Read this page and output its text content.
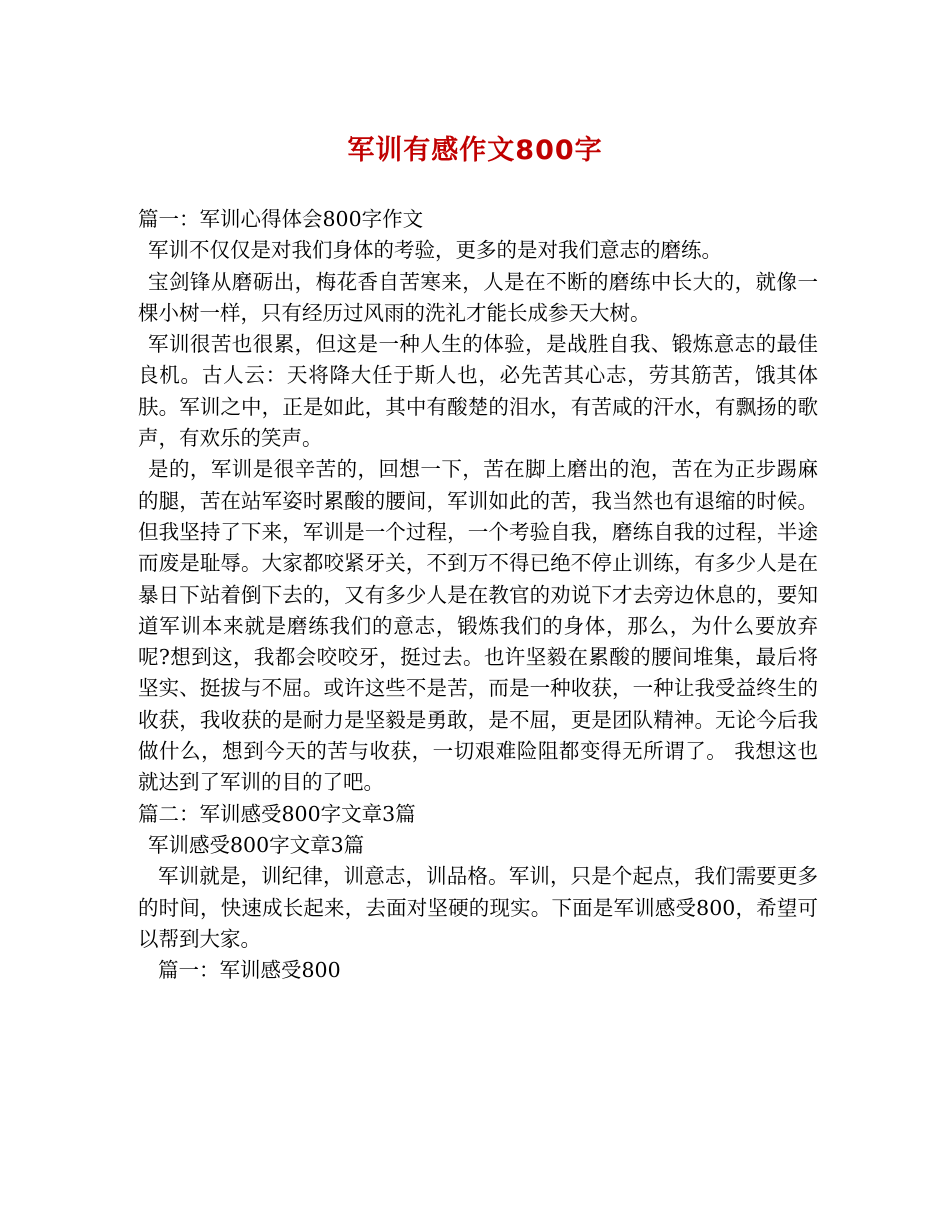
军训有感作文800字

篇一：军训心得体会800字作文

军训不仅仅是对我们身体的考验，更多的是对我们意志的磨练。

宝剑锋从磨砺出，梅花香自苦寒来，人是在不断的磨练中长大的，就像一棵小树一样，只有经历过风雨的洗礼才能长成参天大树。

军训很苦也很累，但这是一种人生的体验，是战胜自我、锻炼意志的最佳良机。古人云：天将降大任于斯人也，必先苦其心志，劳其筋苦，饿其体肤。军训之中，正是如此，其中有酸楚的泪水，有苦咸的汗水，有飘扬的歌声，有欢乐的笑声。

是的，军训是很辛苦的，回想一下，苦在脚上磨出的泡，苦在为正步踢麻的腿，苦在站军姿时累酸的腰间，军训如此的苦，我当然也有退缩的时候。但我坚持了下来，军训是一个过程，一个考验自我，磨练自我的过程，半途而废是耻辱。大家都咬紧牙关，不到万不得已绝不停止训练，有多少人是在暴日下站着倒下去的，又有多少人是在教官的劝说下才去旁边休息的，要知道军训本来就是磨练我们的意志，锻炼我们的身体，那么，为什么要放弃呢?想到这，我都会咬咬牙，挺过去。也许坚毅在累酸的腰间堆集，最后将坚实、挺拔与不屈。或许这些不是苦，而是一种收获，一种让我受益终生的收获，我收获的是耐力是坚毅是勇敢，是不屈，更是团队精神。无论今后我做什么，想到今天的苦与收获，一切艰难险阻都变得无所谓了。 我想这也就达到了军训的目的了吧。

篇二：军训感受800字文章3篇

军训感受800字文章3篇

军训就是，训纪律，训意志，训品格。军训，只是个起点，我们需要更多的时间，快速成长起来，去面对坚硬的现实。下面是军训感受800，希望可以帮到大家。

篇一：军训感受800
